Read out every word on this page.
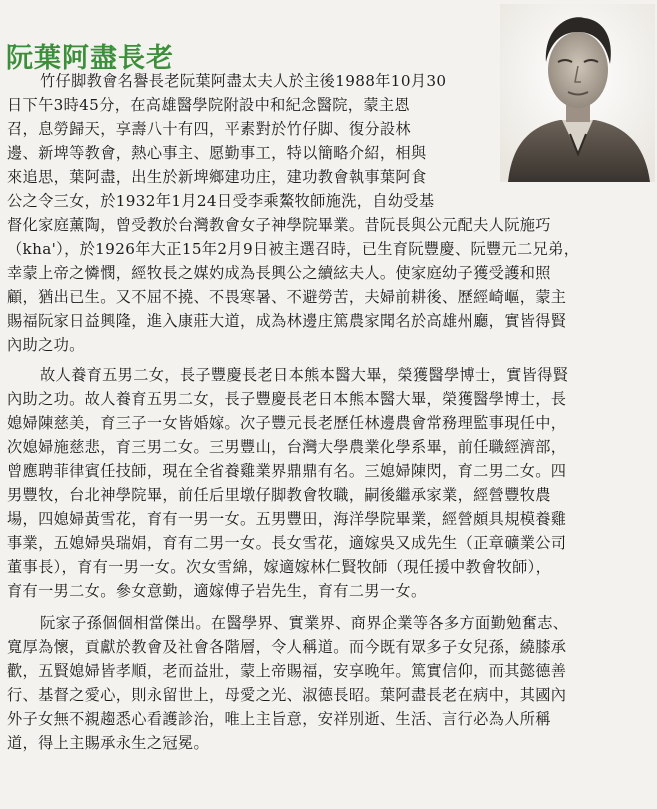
阮葉阿盡長老
竹仔脚教會名譽長老阮葉阿盡太夫人於主後1988年10月30
日下午3時45分，在高雄醫學院附設中和紀念醫院，蒙主恩
召，息勞歸天，享壽八十有四，平素對於竹仔脚、復分設林
邊、新埤等教會，熱心事主、愿勤事工，特以簡略介紹，相與
來追思，葉阿盡，出生於新埤鄉建功庄，建功教會執事葉阿食
公之令三女，於1932年1月24日受李乘鰲牧師施洗，自幼受基
督化家庭薰陶，曾受教於台灣教會女子神學院畢業。昔阮長與公元配夫人阮施巧
（kha'），於1926年大正15年2月9日被主選召時，已生育阮豐慶、阮豐元二兄弟，
幸蒙上帝之憐憫，經牧長之媒妁成為長興公之續絃夫人。使家庭幼子獲受護和照
顧，猶出已生。又不屈不撓、不畏寒暑、不避勞苦，夫婦前耕後、歷經崎嶇，蒙主
賜福阮家日益興隆，進入康莊大道，成為林邊庄篤農家聞名於高雄州廳，實皆得賢
內助之功。
故人養育五男二女，長子豐慶長老日本熊本醫大畢，榮獲醫學博士，實皆得賢
內助之功。故人養育五男二女，長子豐慶長老日本熊本醫大畢，榮獲醫學博士，長
媳婦陳慈美，育三子一女皆婚嫁。次子豐元長老歷任林邊農會常務理監事現任中，
次媳婦施慈悲，育三男二女。三男豐山，台灣大學農業化學系畢，前任職經濟部，
曾應聘菲律賓任技師，現在全省養雞業界鼎鼎有名。三媳婦陳閃，育二男二女。四
男豐牧，台北神學院畢，前任后里墩仔脚教會牧職，嗣後繼承家業，經營豐牧農
場，四媳婦黃雪花，育有一男一女。五男豐田，海洋學院畢業，經營頗具規模養雞
事業，五媳婦吳瑞娟，育有二男一女。長女雪花，適嫁吳又成先生（正章礦業公司
董事長），育有一男一女。次女雪綿，嫁適嫁林仁賢牧師（現任援中教會牧師），
育有一男二女。參女意勤，適嫁傅子岩先生，育有二男一女。
阮家子孫個個相當傑出。在醫學界、實業界、商界企業等各多方面勤勉奮志、
寬厚為懷，貢獻於教會及社會各階層，令人稱道。而今既有眾多子女兒孫，繞膝承
歡，五賢媳婦皆孝順，老而益壯，蒙上帝賜福，安享晚年。篤實信仰，而其懿德善
行、基督之愛心，則永留世上，母愛之光、淑德長昭。葉阿盡長老在病中，其國內
外子女無不親趨悉心看護診治，唯上主旨意，安祥別逝、生活、言行必為人所稱
道，得上主賜承永生之冠冕。
